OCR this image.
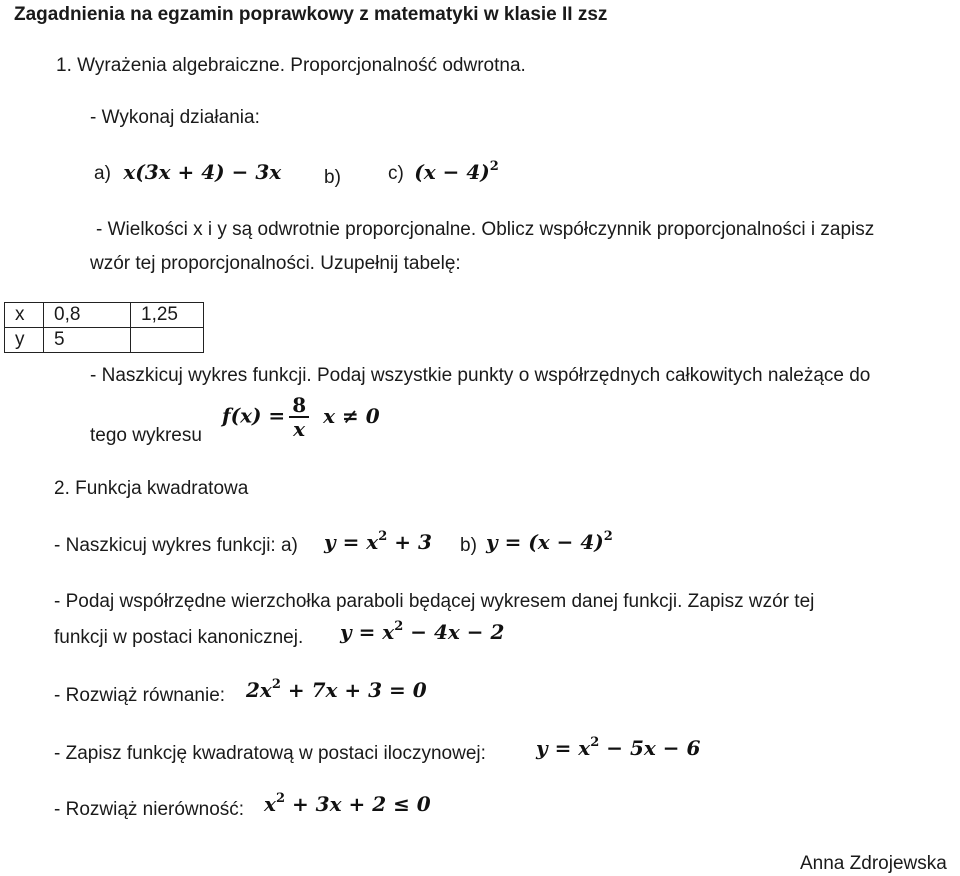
Zagadnienia na egzamin poprawkowy z matematyki w klasie II zsz
1. Wyrażenia algebraiczne. Proporcjonalność odwrotna.
- Wykonaj działania:
a) x(3x + 4) − 3x b) c) $(x - 4)^2$
- Wielkości x i y są odwrotnie proporcjonalne. Oblicz współczynnik proporcjonalności i zapisz
wzór tej proporcjonalności. Uzupełnij tabelę:
x	0,8	1,25
y	5	
- Naszkicuj wykres funkcji. Podaj wszystkie punkty o współrzędnych całkowitych należące do
tego wykresu
$f(x) = \frac{8}{x}$ x ≠ 0
2. Funkcja kwadratowa
- Naszkicuj wykres funkcji: a) $y = x^2 + 3$ b) $y = (x - 4)^2$
- Podaj współrzędne wierzchołka paraboli będącej wykresem danej funkcji. Zapisz wzór tej
funkcji w postaci kanonicznej. $y = x^2 - 4x - 2$
- Rozwiąż równanie: $2x^2 + 7x + 3 = 0$
- Zapisz funkcję kwadratową w postaci iloczynowej:	$y = x^2 - 5x - 6$
- Rozwiąż nierówność: $x^2 + 3x + 2 \le 0$
Anna Zdrojewska
